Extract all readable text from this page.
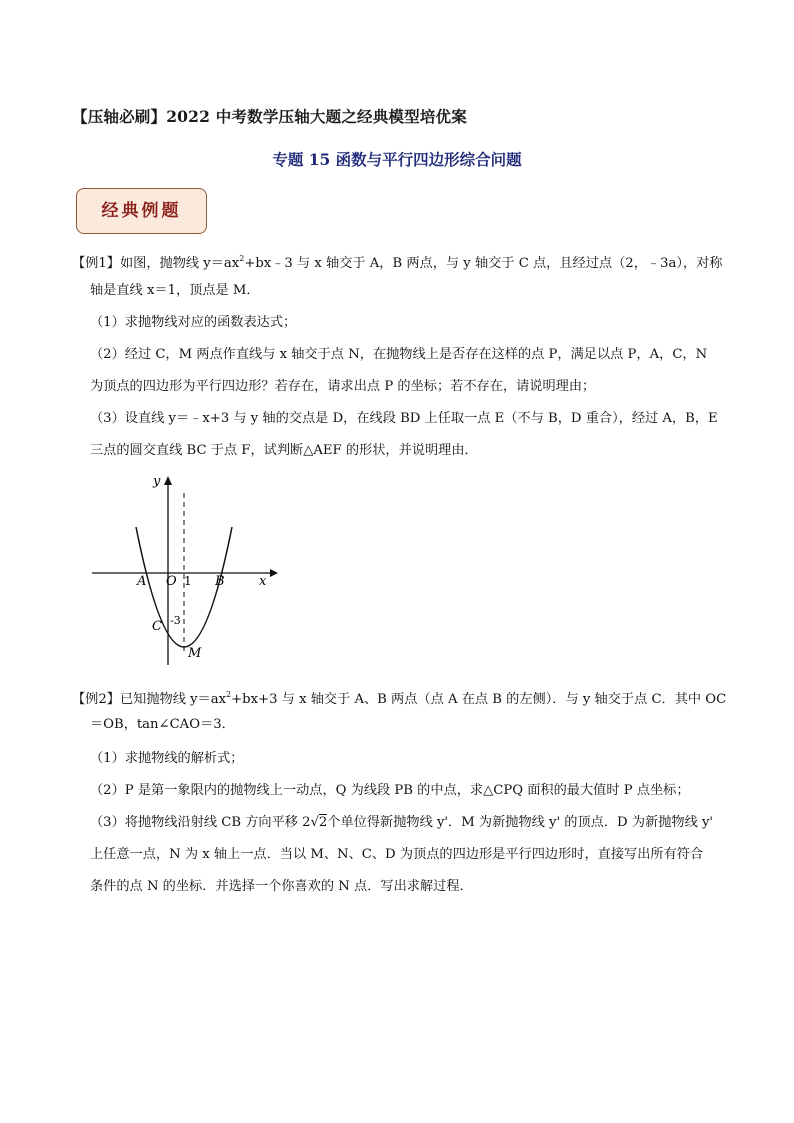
【压轴必刷】2022 中考数学压轴大题之经典模型培优案
专题 15 函数与平行四边形综合问题
经典例题
【例1】如图，抛物线 $y=ax^2+bx﹣3$ 与 x 轴交于 A，B 两点，与 y 轴交于 C 点，且经过点（2，﹣3a），对称
轴是直线 x＝1，顶点是 M．
（1）求抛物线对应的函数表达式；
（2）经过 C，M 两点作直线与 x 轴交于点 N，在抛物线上是否存在这样的点 P，满足以点 P，A，C，N
为顶点的四边形为平行四边形？若存在，请求出点 P 的坐标；若不存在，请说明理由；
（3）设直线 y＝﹣x+3 与 y 轴的交点是 D，在线段 BD 上任取一点 E（不与 B，D 重合），经过 A，B，E
三点的圆交直线 BC 于点 F，试判断△AEF 的形状，并说明理由．
y
x
A O 1 B
C -3
M
【例2】已知抛物线 $y=ax^2+bx+3$ 与 x 轴交于 A、B 两点（点 A 在点 B 的左侧）．与 y 轴交于点 C．其中 OC
＝OB，tan∠CAO＝3．
（1）求抛物线的解析式；
（2）P 是第一象限内的抛物线上一动点，Q 为线段 PB 的中点，求△CPQ 面积的最大值时 P 点坐标；
（3）将抛物线沿射线 CB 方向平移 2√2个单位得新抛物线 y'．M 为新抛物线 y' 的顶点．D 为新抛物线 y'
上任意一点，N 为 x 轴上一点．当以 M、N、C、D 为顶点的四边形是平行四边形时，直接写出所有符合
条件的点 N 的坐标．并选择一个你喜欢的 N 点．写出求解过程．
